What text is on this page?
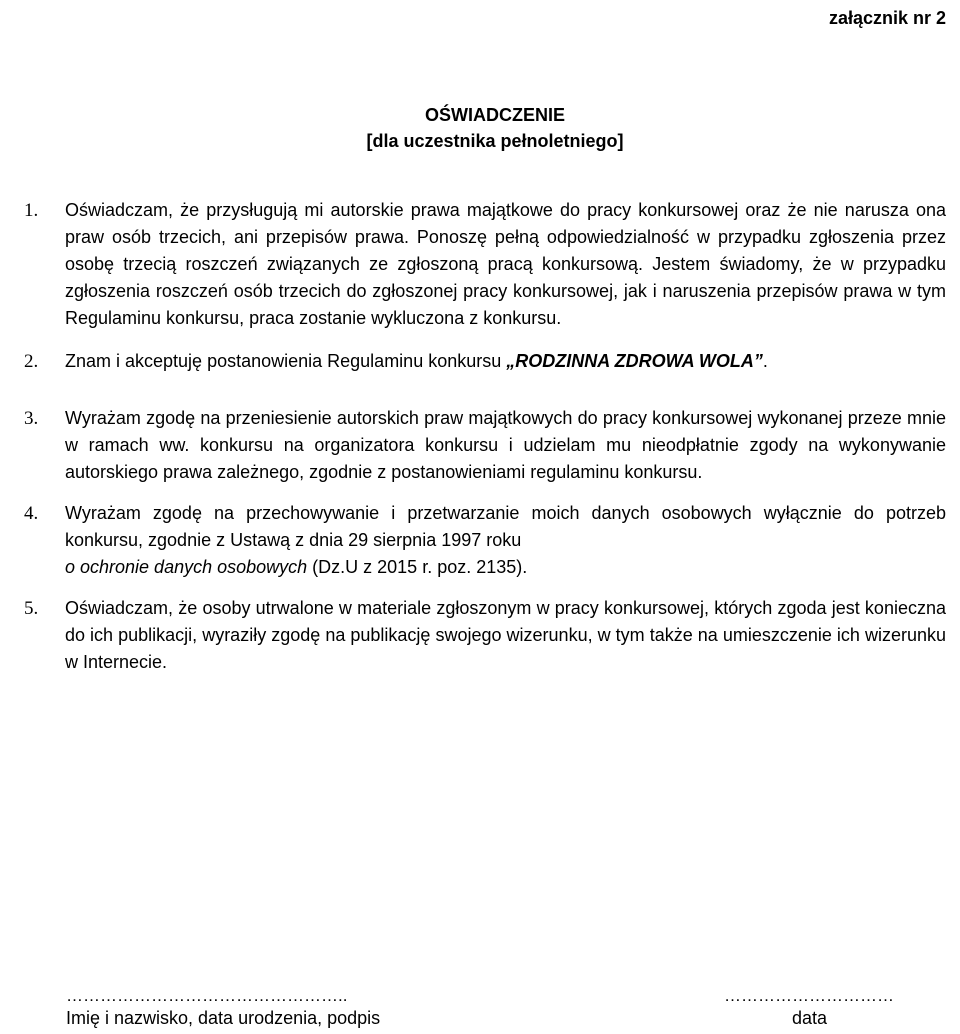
załącznik nr 2
OŚWIADCZENIE
[dla uczestnika pełnoletniego]
1.	Oświadczam, że przysługują mi autorskie prawa majątkowe do pracy konkursowej oraz że nie narusza ona praw osób trzecich, ani przepisów prawa. Ponoszę pełną odpowiedzialność w przypadku zgłoszenia przez osobę trzecią roszczeń związanych ze zgłoszoną pracą konkursową. Jestem świadomy, że w przypadku zgłoszenia roszczeń osób trzecich do zgłoszonej pracy konkursowej, jak i naruszenia przepisów prawa w tym Regulaminu konkursu, praca zostanie wykluczona z konkursu.
2.	Znam i akceptuję postanowienia Regulaminu konkursu „RODZINNA ZDROWA WOLA”.
3.	Wyrażam zgodę na przeniesienie autorskich praw majątkowych do pracy konkursowej wykonanej przeze mnie w ramach ww. konkursu na organizatora konkursu i udzielam mu nieodpłatnie zgody na wykonywanie autorskiego prawa zależnego, zgodnie z postanowieniami regulaminu konkursu.
4.	Wyrażam zgodę na przechowywanie i przetwarzanie moich danych osobowych wyłącznie do potrzeb konkursu, zgodnie z Ustawą z dnia 29 sierpnia 1997 roku
o ochronie danych osobowych (Dz.U z 2015 r. poz. 2135).
5.	Oświadczam, że osoby utrwalone w materiale zgłoszonym w pracy konkursowej, których zgoda jest konieczna do ich publikacji, wyraziły zgodę na publikację swojego wizerunku, w tym także na umieszczenie ich wizerunku w Internecie.
…………………………………………..	…………………………
Imię i nazwisko, data urodzenia, podpis	data
